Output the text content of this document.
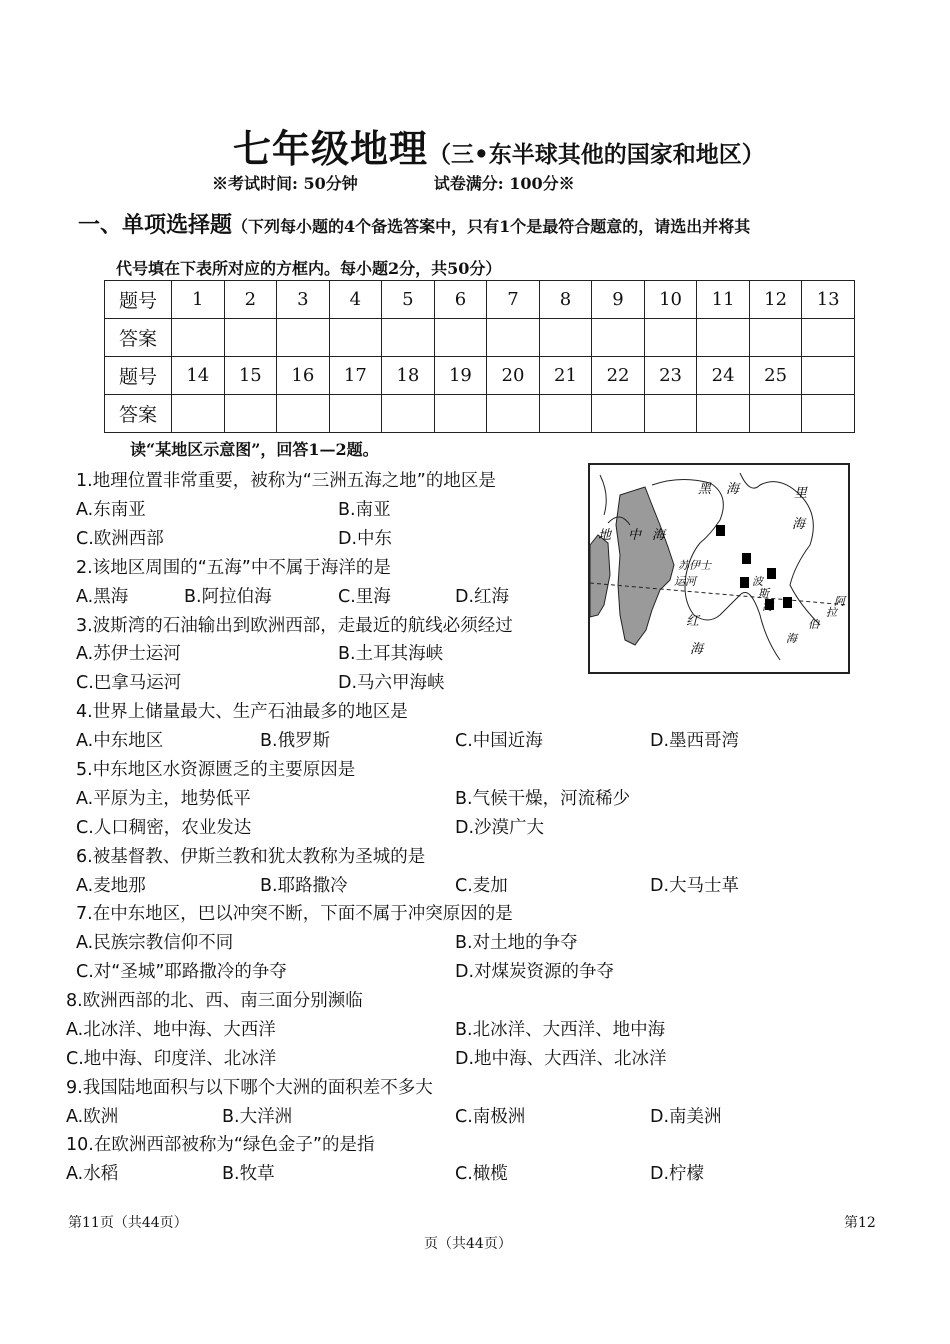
七年级地理（三•东半球其他的国家和地区）
※考试时间: 50分钟	试卷满分: 100分※
一、单项选择题（下列每小题的4个备选答案中，只有1个是最符合题意的，请选出并将其
代号填在下表所对应的方框内。每小题2分，共50分）
题号	1	2	3	4	5	6	7	8	9	10	11	12	13
答案													
题号	14	15	16	17	18	19	20	21	22	23	24	25	
答案													
读“某地区示意图”，回答1—2题。
黑 海	里
海
地 中 海
苏伊士
运河	波
斯
湾
红
海
阿
拉
伯
海
1.地理位置非常重要，被称为“三洲五海之地”的地区是
A.东南亚	B.南亚
C.欧洲西部	D.中东
2.该地区周围的“五海”中不属于海洋的是
A.黑海	B.阿拉伯海	C.里海	D.红海
3.波斯湾的石油输出到欧洲西部，走最近的航线必须经过
A.苏伊士运河	B.土耳其海峡
C.巴拿马运河	D.马六甲海峡
4.世界上储量最大、生产石油最多的地区是
A.中东地区	B.俄罗斯	C.中国近海	D.墨西哥湾
5.中东地区水资源匮乏的主要原因是
A.平原为主，地势低平	B.气候干燥，河流稀少
C.人口稠密，农业发达	D.沙漠广大
6.被基督教、伊斯兰教和犹太教称为圣城的是
A.麦地那	B.耶路撒冷	C.麦加	D.大马士革
7.在中东地区，巴以冲突不断，下面不属于冲突原因的是
A.民族宗教信仰不同	B.对土地的争夺
C.对“圣城”耶路撒冷的争夺	D.对煤炭资源的争夺
8.欧洲西部的北、西、南三面分别濒临
A.北冰洋、地中海、大西洋	B.北冰洋、大西洋、地中海
C.地中海、印度洋、北冰洋	D.地中海、大西洋、北冰洋
9.我国陆地面积与以下哪个大洲的面积差不多大
A.欧洲	B.大洋洲	C.南极洲	D.南美洲
10.在欧洲西部被称为“绿色金子”的是指
A.水稻	B.牧草	C.橄榄	D.柠檬
第11页（共44页）	第12
页（共44页）
